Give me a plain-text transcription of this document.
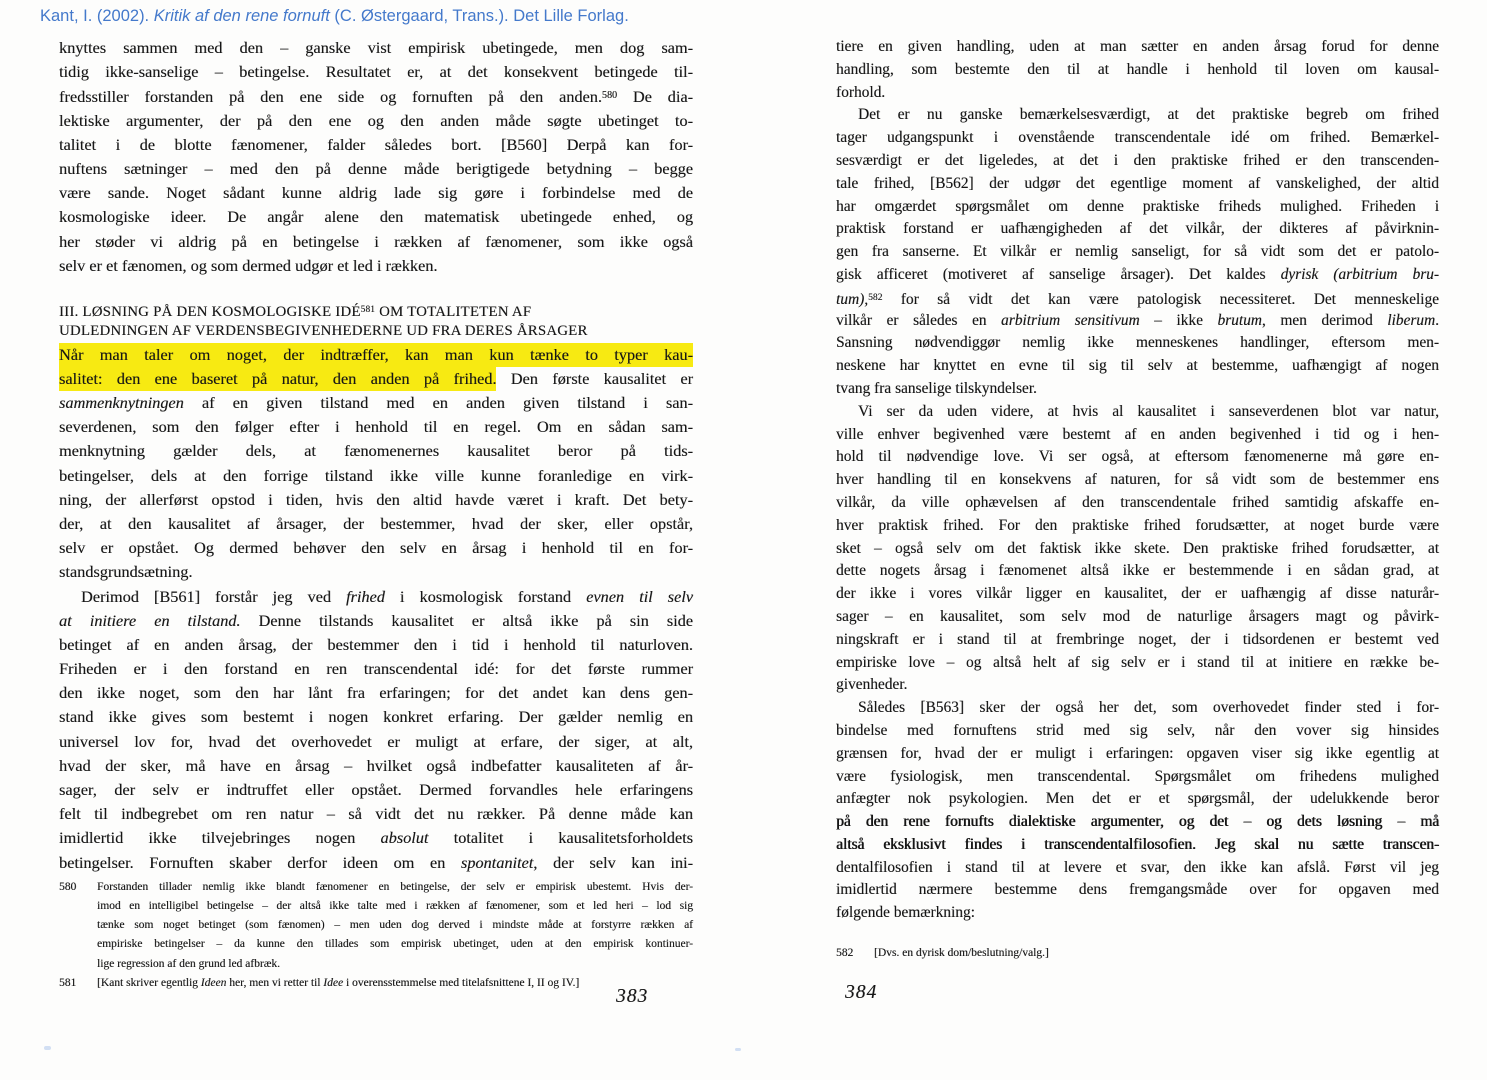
Kant, I. (2002). Kritik af den rene fornuft (C. Østergaard, Trans.). Det Lille Forlag.
knyttes sammen med den – ganske vist empirisk ubetingede, men dog sam-
tidig ikke-sanselige – betingelse. Resultatet er, at det konsekvent betingede til-
fredsstiller forstanden på den ene side og fornuften på den anden.$^{580}$ De dia-
lektiske argumenter, der på den ene og den anden måde søgte ubetinget to-
talitet i de blotte fænomener, falder således bort. [B560] Derpå kan for-
nuftens sætninger – med den på denne måde berigtigede betydning – begge
være sande. Noget sådant kunne aldrig lade sig gøre i forbindelse med de
kosmologiske ideer. De angår alene den matematisk ubetingede enhed, og
her støder vi aldrig på en betingelse i rækken af fænomener, som ikke også
selv er et fænomen, og som dermed udgør et led i rækken.
III. LØSNING PÅ DEN KOSMOLOGISKE IDÉ$^{581}$ OM TOTALITETEN AF
UDLEDNINGEN AF VERDENSBEGIVENHEDERNE UD FRA DERES ÅRSAGER
Når man taler om noget, der indtræffer, kan man kun tænke to typer kau-
salitet: den ene baseret på natur, den anden på frihed. Den første kausalitet er
sammenknytningen af en given tilstand med en anden given tilstand i san-
severdenen, som den følger efter i henhold til en regel. Om en sådan sam-
menknytning gælder dels, at fænomenernes kausalitet beror på tids-
betingelser, dels at den forrige tilstand ikke ville kunne foranledige en virk-
ning, der allerførst opstod i tiden, hvis den altid havde været i kraft. Det bety-
der, at den kausalitet af årsager, der bestemmer, hvad der sker, eller opstår,
selv er opstået. Og dermed behøver den selv en årsag i henhold til en for-
standsgrundsætning.
Derimod [B561] forstår jeg ved frihed i kosmologisk forstand evnen til selv
at initiere en tilstand. Denne tilstands kausalitet er altså ikke på sin side
betinget af en anden årsag, der bestemmer den i tid i henhold til naturloven.
Friheden er i den forstand en ren transcendental idé: for det første rummer
den ikke noget, som den har lånt fra erfaringen; for det andet kan dens gen-
stand ikke gives som bestemt i nogen konkret erfaring. Der gælder nemlig en
universel lov for, hvad det overhovedet er muligt at erfare, der siger, at alt,
hvad der sker, må have en årsag – hvilket også indbefatter kausaliteten af år-
sager, der selv er indtruffet eller opstået. Dermed forvandles hele erfaringens
felt til indbegrebet om ren natur – så vidt det nu rækker. På denne måde kan
imidlertid ikke tilvejebringes nogen absolut totalitet i kausalitetsforholdets
betingelser. Fornuften skaber derfor ideen om en spontanitet, der selv kan ini-
580	Forstanden tillader nemlig ikke blandt fænomener en betingelse, der selv er empirisk ubestemt. Hvis der-
imod en intelligibel betingelse – der altså ikke talte med i rækken af fænomener, som et led heri – lod sig
tænke som noget betinget (som fænomen) – men uden dog derved i mindste måde at forstyrre rækken af
empiriske betingelser – da kunne den tillades som empirisk ubetinget, uden at den empirisk kontinuer-
lige regression af den grund led afbræk.
581	[Kant skriver egentlig Ideen her, men vi retter til Idee i overensstemmelse med titelafsnittene I, II og IV.]
tiere en given handling, uden at man sætter en anden årsag forud for denne
handling, som bestemte den til at handle i henhold til loven om kausal-
forhold.
Det er nu ganske bemærkelsesværdigt, at det praktiske begreb om frihed
tager udgangspunkt i ovenstående transcendentale idé om frihed. Bemærkel-
sesværdigt er det ligeledes, at det i den praktiske frihed er den transcenden-
tale frihed, [B562] der udgør det egentlige moment af vanskelighed, der altid
har omgærdet spørgsmålet om denne praktiske friheds mulighed. Friheden i
praktisk forstand er uafhængigheden af det vilkår, der dikteres af påvirknin-
gen fra sanserne. Et vilkår er nemlig sanseligt, for så vidt som det er patolo-
gisk afficeret (motiveret af sanselige årsager). Det kaldes dyrisk (arbitrium bru-
tum),$^{582}$ for så vidt det kan være patologisk necessiteret. Det menneskelige
vilkår er således en arbitrium sensitivum – ikke brutum, men derimod liberum.
Sansning nødvendiggør nemlig ikke menneskenes handlinger, eftersom men-
neskene har knyttet en evne til sig til selv at bestemme, uafhængigt af nogen
tvang fra sanselige tilskyndelser.
Vi ser da uden videre, at hvis al kausalitet i sanseverdenen blot var natur,
ville enhver begivenhed være bestemt af en anden begivenhed i tid og i hen-
hold til nødvendige love. Vi ser også, at eftersom fænomenerne må gøre en-
hver handling til en konsekvens af naturen, for så vidt som de bestemmer ens
vilkår, da ville ophævelsen af den transcendentale frihed samtidig afskaffe en-
hver praktisk frihed. For den praktiske frihed forudsætter, at noget burde være
sket – også selv om det faktisk ikke skete. Den praktiske frihed forudsætter, at
dette nogets årsag i fænomenet altså ikke er bestemmende i en sådan grad, at
der ikke i vores vilkår ligger en kausalitet, der er uafhængig af disse naturår-
sager – en kausalitet, som selv mod de naturlige årsagers magt og påvirk-
ningskraft er i stand til at frembringe noget, der i tidsordenen er bestemt ved
empiriske love – og altså helt af sig selv er i stand til at initiere en række be-
givenheder.
Således [B563] sker der også her det, som overhovedet finder sted i for-
bindelse med fornuftens strid med sig selv, når den vover sig hinsides
grænsen for, hvad der er muligt i erfaringen: opgaven viser sig ikke egentlig at
være fysiologisk, men transcendental. Spørgsmålet om frihedens mulighed
anfægter nok psykologien. Men det er et spørgsmål, der udelukkende beror
på den rene fornufts dialektiske argumenter, og det – og dets løsning – må
altså eksklusivt findes i transcendentalfilosofien. Jeg skal nu sætte transcen-
dentalfilosofien i stand til at levere et svar, den ikke kan afslå. Først vil jeg
imidlertid nærmere bestemme dens fremgangsmåde over for opgaven med
følgende bemærkning:
582	[Dvs. en dyrisk dom/beslutning/valg.]
383	384
